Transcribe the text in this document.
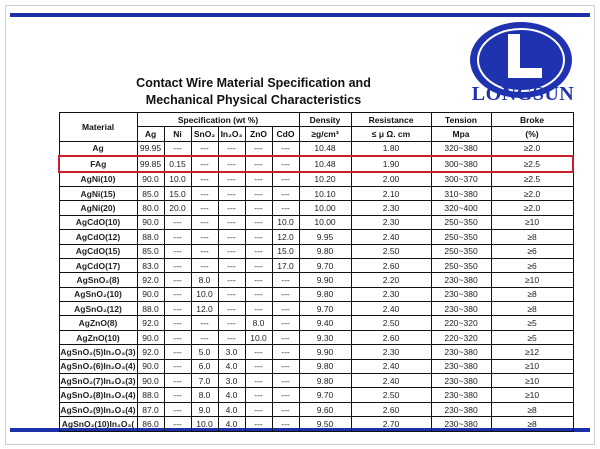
LONGSUN
Contact Wire Material Specification and
Mechanical Physical Characteristics
Material	Specification (wt %)						Density	Resistance	Tension	Broke
	Ag	Ni	SnO₂	In₂O₃	ZnO	CdO	≥g/cm³	≤ μ Ω. cm	Mpa	(%)
Ag	99.95	---	---	---	---	---	10.48	1.80	320~380	≥2.0
FAg	99.85	0.15	---	---	---	---	10.48	1.90	300~380	≥2.5
AgNi(10)	90.0	10.0	---	---	---	---	10.20	2.00	300~370	≥2.5
AgNi(15)	85.0	15.0	---	---	---	---	10.10	2.10	310~380	≥2.0
AgNi(20)	80.0	20.0	---	---	---	---	10.00	2.30	320~400	≥2.0
AgCdO(10)	90.0	---	---	---	---	10.0	10.00	2.30	250~350	≥10
AgCdO(12)	88.0	---	---	---	---	12.0	9.95	2.40	250~350	≥8
AgCdO(15)	85.0	---	---	---	---	15.0	9.80	2.50	250~350	≥6
AgCdO(17)	83.0	---	---	---	---	17.0	9.70	2.60	250~350	≥6
AgSnO₂(8)	92.0	---	8.0	---	---	---	9.90	2.20	230~380	≥10
AgSnO₂(10)	90.0	---	10.0	---	---	---	9.80	2.30	230~380	≥8
AgSnO₂(12)	88.0	---	12.0	---	---	---	9.70	2.40	230~380	≥8
AgZnO(8)	92.0	---	---	---	8.0	---	9.40	2.50	220~320	≥5
AgZnO(10)	90.0	---	---	---	10.0	---	9.30	2.60	220~320	≥5
AgSnO₂(5)In₂O₃(3)	92.0	---	5.0	3.0	---	---	9.90	2.30	230~380	≥12
AgSnO₂(6)In₂O₃(4)	90.0	---	6.0	4.0	---	---	9.80	2.40	230~380	≥10
AgSnO₂(7)In₂O₃(3)	90.0	---	7.0	3.0	---	---	9.80	2.40	230~380	≥10
AgSnO₂(8)In₂O₃(4)	88.0	---	8.0	4.0	---	---	9.70	2.50	230~380	≥10
AgSnO₂(9)In₂O₃(4)	87.0	---	9.0	4.0	---	---	9.60	2.60	230~380	≥8
AgSnO₂(10)In₂O₃(	86.0	---	10.0	4.0	---	---	9.50	2.70	230~380	≥8
